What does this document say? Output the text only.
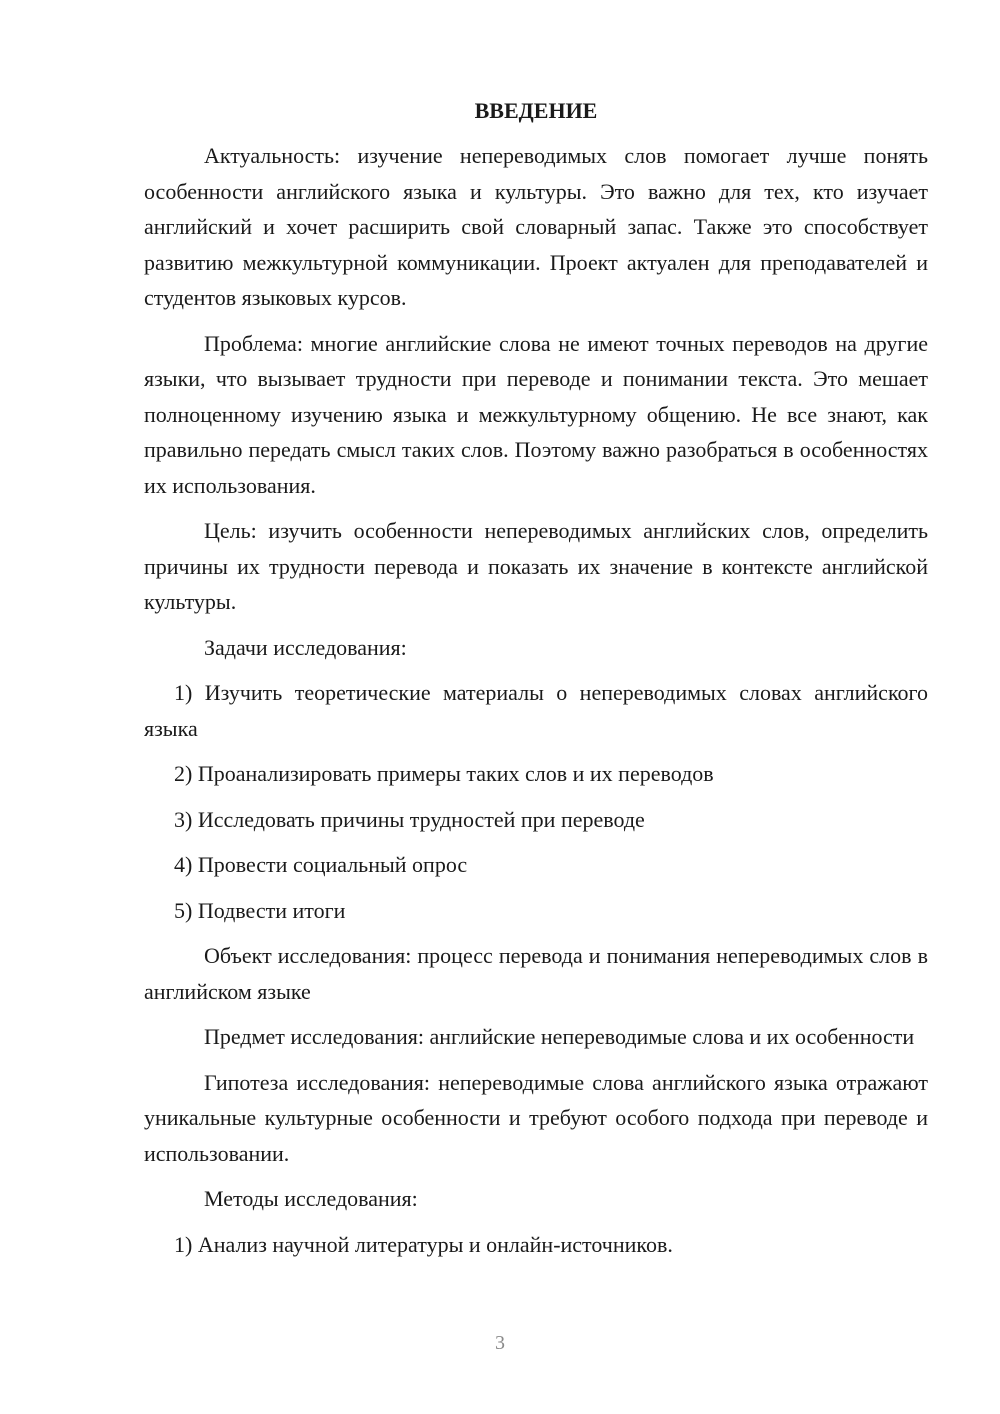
ВВЕДЕНИЕ

Актуальность: изучение непереводимых слов помогает лучше понять особенности английского языка и культуры. Это важно для тех, кто изучает английский и хочет расширить свой словарный запас. Также это способствует развитию межкультурной коммуникации. Проект актуален для преподавателей и студентов языковых курсов.

Проблема: многие английские слова не имеют точных переводов на другие языки, что вызывает трудности при переводе и понимании текста. Это мешает полноценному изучению языка и межкультурному общению. Не все знают, как правильно передать смысл таких слов. Поэтому важно разобраться в особенностях их использования.

Цель: изучить особенности непереводимых английских слов, определить причины их трудности перевода и показать их значение в контексте английской культуры.

Задачи исследования:

1) Изучить теоретические материалы о непереводимых словах английского языка

2) Проанализировать примеры таких слов и их переводов

3) Исследовать причины трудностей при переводе

4) Провести социальный опрос

5) Подвести итоги

Объект исследования: процесс перевода и понимания непереводимых слов в английском языке

Предмет исследования: английские непереводимые слова и их особенности

Гипотеза исследования: непереводимые слова английского языка отражают уникальные культурные особенности и требуют особого подхода при переводе и использовании.

Методы исследования:

1) Анализ научной литературы и онлайн-источников.

3
